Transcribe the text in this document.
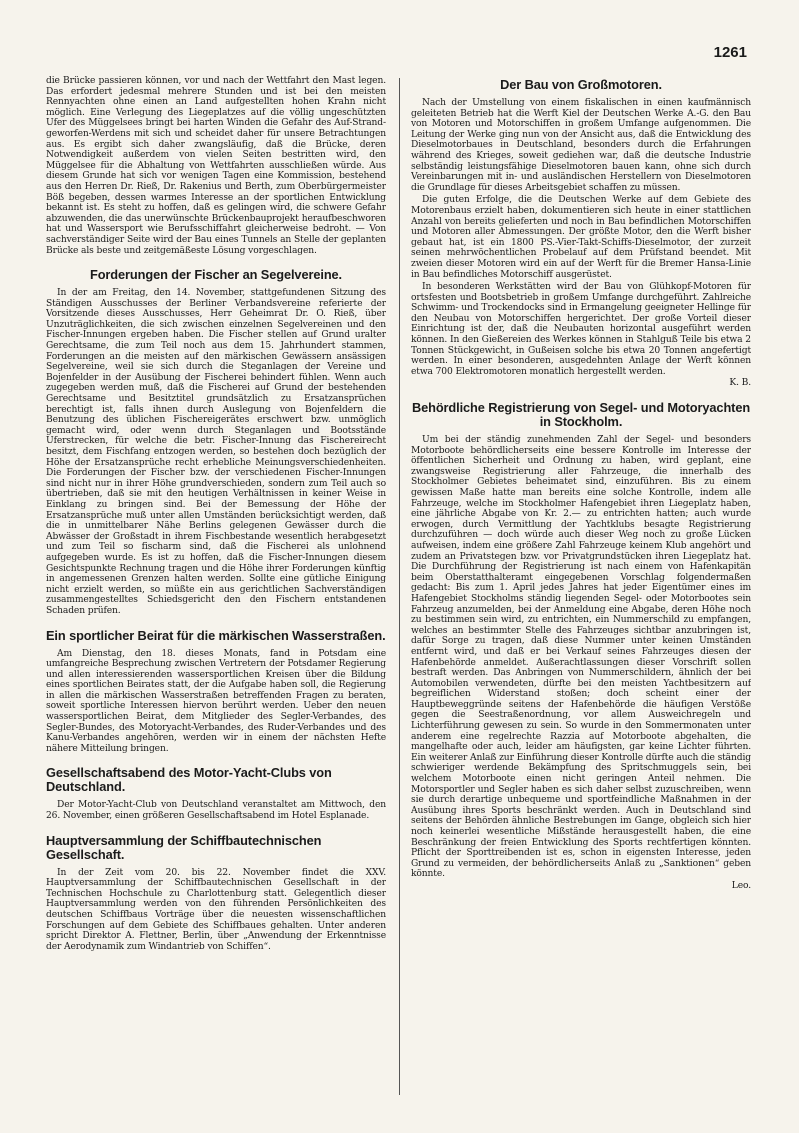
1261

die Brücke passieren können, vor und nach der Wettfahrt den Mast legen. Das erfordert jedesmal mehrere Stunden und ist bei den meisten Rennyachten ohne einen an Land aufgestellten hohen Krahn nicht möglich. Eine Verlegung des Liegeplatzes auf die völlig ungeschützten Ufer des Müggelsees bringt bei harten Winden die Gefahr des Auf-Strand-geworfen-Werdens mit sich und scheidet daher für unsere Betrachtungen aus. Es ergibt sich daher zwangsläufig, daß die Brücke, deren Notwendigkeit außerdem von vielen Seiten bestritten wird, den Müggelsee für die Abhaltung von Wettfahrten ausschließen würde. Aus diesem Grunde hat sich vor wenigen Tagen eine Kommission, bestehend aus den Herren Dr. Rieß, Dr. Rakenius und Berth, zum Oberbürgermeister Böß begeben, dessen warmes Interesse an der sportlichen Entwicklung bekannt ist. Es steht zu hoffen, daß es gelingen wird, die schwere Gefahr abzuwenden, die das unerwünschte Brückenbauprojekt heraufbeschworen hat und Wassersport wie Berufsschiffahrt gleicherweise bedroht. — Von sachverständiger Seite wird der Bau eines Tunnels an Stelle der geplanten Brücke als beste und zeitgemäßeste Lösung vorgeschlagen.

Forderungen der Fischer an Segelvereine.

In der am Freitag, den 14. November, stattgefundenen Sitzung des Ständigen Ausschusses der Berliner Verbandsvereine referierte der Vorsitzende dieses Ausschusses, Herr Geheimrat Dr. O. Rieß, über Unzuträglichkeiten, die sich zwischen einzelnen Segelvereinen und den Fischer-Innungen ergeben haben. Die Fischer stellen auf Grund uralter Gerechtsame, die zum Teil noch aus dem 15. Jahrhundert stammen, Forderungen an die meisten auf den märkischen Gewässern ansässigen Segelvereine, weil sie sich durch die Steganlagen der Vereine und Bojenfelder in der Ausübung der Fischerei behindert fühlen. Wenn auch zugegeben werden muß, daß die Fischerei auf Grund der bestehenden Gerechtsame und Besitztitel grundsätzlich zu Ersatzansprüchen berechtigt ist, falls ihnen durch Auslegung von Bojenfeldern die Benutzung des üblichen Fischereigerätes erschwert bzw. unmöglich gemacht wird, oder wenn durch Steganlagen und Bootsstände Uferstrecken, für welche die betr. Fischer-Innung das Fischereirecht besitzt, dem Fischfang entzogen werden, so bestehen doch bezüglich der Höhe der Ersatzansprüche recht erhebliche Meinungsverschiedenheiten. Die Forderungen der Fischer bzw. der verschiedenen Fischer-Innungen sind nicht nur in ihrer Höhe grundverschieden, sondern zum Teil auch so übertrieben, daß sie mit den heutigen Verhältnissen in keiner Weise in Einklang zu bringen sind. Bei der Bemessung der Höhe der Ersatzansprüche muß unter allen Umständen berücksichtigt werden, daß die in unmittelbarer Nähe Berlins gelegenen Gewässer durch die Abwässer der Großstadt in ihrem Fischbestande wesentlich herabgesetzt und zum Teil so fischarm sind, daß die Fischerei als unlohnend aufgegeben wurde. Es ist zu hoffen, daß die Fischer-Innungen diesem Gesichtspunkte Rechnung tragen und die Höhe ihrer Forderungen künftig in angemessenen Grenzen halten werden. Sollte eine gütliche Einigung nicht erzielt werden, so müßte ein aus gerichtlichen Sachverständigen zusammengestelltes Schiedsgericht den den Fischern entstandenen Schaden prüfen.

Ein sportlicher Beirat für die märkischen Wasserstraßen.

Am Dienstag, den 18. dieses Monats, fand in Potsdam eine umfangreiche Besprechung zwischen Vertretern der Potsdamer Regierung und allen interessierenden wassersportlichen Kreisen über die Bildung eines sportlichen Beirates statt, der die Aufgabe haben soll, die Regierung in allen die märkischen Wasserstraßen betreffenden Fragen zu beraten, soweit sportliche Interessen hiervon berührt werden. Ueber den neuen wassersportlichen Beirat, dem Mitglieder des Segler-Verbandes, des Segler-Bundes, des Motoryacht-Verbandes, des Ruder-Verbandes und des Kanu-Verbandes angehören, werden wir in einem der nächsten Hefte nähere Mitteilung bringen.

Gesellschaftsabend des Motor-Yacht-Clubs von Deutschland.

Der Motor-Yacht-Club von Deutschland veranstaltet am Mittwoch, den 26. November, einen größeren Gesellschaftsabend im Hotel Esplanade.

Hauptversammlung der Schiffbautechnischen Gesellschaft.

In der Zeit vom 20. bis 22. November findet die XXV. Hauptversammlung der Schiffbautechnischen Gesellschaft in der Technischen Hochschule zu Charlottenburg statt. Gelegentlich dieser Hauptversammlung werden von den führenden Persönlichkeiten des deutschen Schiffbaus Vorträge über die neuesten wissenschaftlichen Forschungen auf dem Gebiete des Schiffbaues gehalten. Unter anderen spricht Direktor A. Flettner, Berlin, über „Anwendung der Erkenntnisse der Aerodynamik zum Windantrieb von Schiffen“.

Der Bau von Großmotoren.

Nach der Umstellung von einem fiskalischen in einen kaufmännisch geleiteten Betrieb hat die Werft Kiel der Deutschen Werke A.-G. den Bau von Motoren und Motorschiffen in großem Umfange aufgenommen. Die Leitung der Werke ging nun von der Ansicht aus, daß die Entwicklung des Dieselmotorbaues in Deutschland, besonders durch die Erfahrungen während des Krieges, soweit gediehen war, daß die deutsche Industrie selbständig leistungsfähige Dieselmotoren bauen kann, ohne sich durch Vereinbarungen mit in- und ausländischen Herstellern von Dieselmotoren die Grundlage für dieses Arbeitsgebiet schaffen zu müssen.

Die guten Erfolge, die die Deutschen Werke auf dem Gebiete des Motorenbaus erzielt haben, dokumentieren sich heute in einer stattlichen Anzahl von bereits gelieferten und noch in Bau befindlichen Motorschiffen und Motoren aller Abmessungen. Der größte Motor, den die Werft bisher gebaut hat, ist ein 1800 PS.-Vier-Takt-Schiffs-Dieselmotor, der zurzeit seinen mehrwöchentlichen Probelauf auf dem Prüfstand beendet. Mit zweien dieser Motoren wird ein auf der Werft für die Bremer Hansa-Linie in Bau befindliches Motorschiff ausgerüstet.

In besonderen Werkstätten wird der Bau von Glühkopf-Motoren für ortsfesten und Bootsbetrieb in großem Umfange durchgeführt. Zahlreiche Schwimm- und Trockendocks sind in Ermangelung geeigneter Hellinge für den Neubau von Motorschiffen hergerichtet. Der große Vorteil dieser Einrichtung ist der, daß die Neubauten horizontal ausgeführt werden können. In den Gießereien des Werkes können in Stahlguß Teile bis etwa 2 Tonnen Stückgewicht, in Gußeisen solche bis etwa 20 Tonnen angefertigt werden. In einer besonderen, ausgedehnten Anlage der Werft können etwa 700 Elektromotoren monatlich hergestellt werden.

K. B.

Behördliche Registrierung von Segel- und Motoryachten in Stockholm.

Um bei der ständig zunehmenden Zahl der Segel- und besonders Motorboote behördlicherseits eine bessere Kontrolle im Interesse der öffentlichen Sicherheit und Ordnung zu haben, wird geplant, eine zwangsweise Registrierung aller Fahrzeuge, die innerhalb des Stockholmer Gebietes beheimatet sind, einzuführen. Bis zu einem gewissen Maße hatte man bereits eine solche Kontrolle, indem alle Fahrzeuge, welche im Stockholmer Hafengebiet ihren Liegeplatz haben, eine jährliche Abgabe von Kr. 2.— zu entrichten hatten; auch wurde erwogen, durch Vermittlung der Yachtklubs besagte Registrierung durchzuführen — doch würde auch dieser Weg noch zu große Lücken aufweisen, indem eine größere Zahl Fahrzeuge keinem Klub angehört und zudem an Privatstegen bzw. vor Privatgrundstücken ihren Liegeplatz hat. Die Durchführung der Registrierung ist nach einem von Hafenkapitän beim Oberstatthalteramt eingegebenen Vorschlag folgendermaßen gedacht: Bis zum 1. April jedes Jahres hat jeder Eigentümer eines im Hafengebiet Stockholms ständig liegenden Segel- oder Motorbootes sein Fahrzeug anzumelden, bei der Anmeldung eine Abgabe, deren Höhe noch zu bestimmen sein wird, zu entrichten, ein Nummerschild zu empfangen, welches an bestimmter Stelle des Fahrzeuges sichtbar anzubringen ist, dafür Sorge zu tragen, daß diese Nummer unter keinen Umständen entfernt wird, und daß er bei Verkauf seines Fahrzeuges diesen der Hafenbehörde anmeldet. Außerachtlassungen dieser Vorschrift sollen bestraft werden. Das Anbringen von Nummerschildern, ähnlich der bei Automobilen verwendeten, dürfte bei den meisten Yachtbesitzern auf begreiflichen Widerstand stoßen; doch scheint einer der Hauptbeweggründe seitens der Hafenbehörde die häufigen Verstöße gegen die Seestraßenordnung, vor allem Ausweichregeln und Lichterführung gewesen zu sein. So wurde in den Sommermonaten unter anderem eine regelrechte Razzia auf Motorboote abgehalten, die mangelhafte oder auch, leider am häufigsten, gar keine Lichter führten. Ein weiterer Anlaß zur Einführung dieser Kontrolle dürfte auch die ständig schwieriger werdende Bekämpfung des Spritschmuggels sein, bei welchem Motorboote einen nicht geringen Anteil nehmen. Die Motorsportler und Segler haben es sich daher selbst zuzuschreiben, wenn sie durch derartige unbequeme und sportfeindliche Maßnahmen in der Ausübung ihres Sports beschränkt werden. Auch in Deutschland sind seitens der Behörden ähnliche Bestrebungen im Gange, obgleich sich hier noch keinerlei wesentliche Mißstände herausgestellt haben, die eine Beschränkung der freien Entwicklung des Sports rechtfertigen könnten. Pflicht der Sporttreibenden ist es, schon in eigensten Interesse, jeden Grund zu vermeiden, der behördlicherseits Anlaß zu „Sanktionen“ geben könnte.

Leo.
